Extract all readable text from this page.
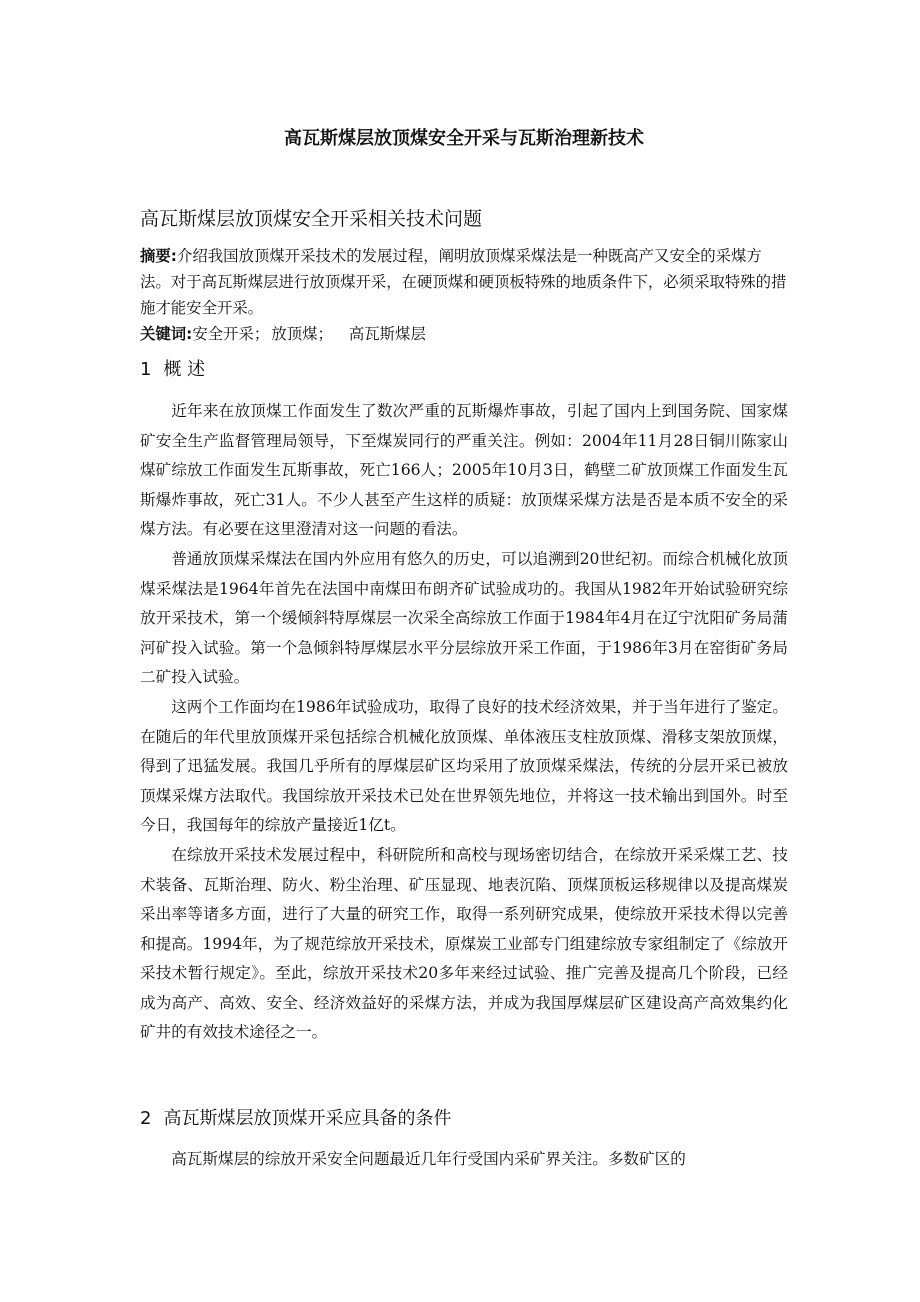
高瓦斯煤层放顶煤安全开采与瓦斯治理新技术
高瓦斯煤层放顶煤安全开采相关技术问题
摘要:介绍我国放顶煤开采技术的发展过程，阐明放顶煤采煤法是一种既高产又安全的采煤方法。对于高瓦斯煤层进行放顶煤开采，在硬顶煤和硬顶板特殊的地质条件下，必须采取特殊的措施才能安全开采。
关键词:安全开采； 放顶煤； 高瓦斯煤层
1 概 述

近年来在放顶煤工作面发生了数次严重的瓦斯爆炸事故，引起了国内上到国务院、国家煤矿安全生产监督管理局领导，下至煤炭同行的严重关注。例如：2004年11月28日铜川陈家山煤矿综放工作面发生瓦斯事故，死亡166人；2005年10月3日，鹤壁二矿放顶煤工作面发生瓦斯爆炸事故，死亡31人。不少人甚至产生这样的质疑：放顶煤采煤方法是否是本质不安全的采煤方法。有必要在这里澄清对这一问题的看法。

普通放顶煤采煤法在国内外应用有悠久的历史，可以追溯到20世纪初。而综合机械化放顶煤采煤法是1964年首先在法国中南煤田布朗齐矿试验成功的。我国从1982年开始试验研究综放开采技术，第一个缓倾斜特厚煤层一次采全高综放工作面于1984年4月在辽宁沈阳矿务局蒲河矿投入试验。第一个急倾斜特厚煤层水平分层综放开采工作面，于1986年3月在窑街矿务局二矿投入试验。

这两个工作面均在1986年试验成功，取得了良好的技术经济效果，并于当年进行了鉴定。在随后的年代里放顶煤开采包括综合机械化放顶煤、单体液压支柱放顶煤、滑移支架放顶煤，得到了迅猛发展。我国几乎所有的厚煤层矿区均采用了放顶煤采煤法，传统的分层开采已被放顶煤采煤方法取代。我国综放开采技术已处在世界领先地位，并将这一技术输出到国外。时至今日，我国每年的综放产量接近1亿t。

在综放开采技术发展过程中，科研院所和高校与现场密切结合，在综放开采采煤工艺、技术装备、瓦斯治理、防火、粉尘治理、矿压显现、地表沉陷、顶煤顶板运移规律以及提高煤炭采出率等诸多方面，进行了大量的研究工作，取得一系列研究成果，使综放开采技术得以完善和提高。1994年，为了规范综放开采技术，原煤炭工业部专门组建综放专家组制定了《综放开采技术暂行规定》。至此，综放开采技术20多年来经过试验、推广完善及提高几个阶段，已经成为高产、高效、安全、经济效益好的采煤方法，并成为我国厚煤层矿区建设高产高效集约化矿井的有效技术途径之一。

2 高瓦斯煤层放顶煤开采应具备的条件

高瓦斯煤层的综放开采安全问题最近几年行受国内采矿界关注。多数矿区的
